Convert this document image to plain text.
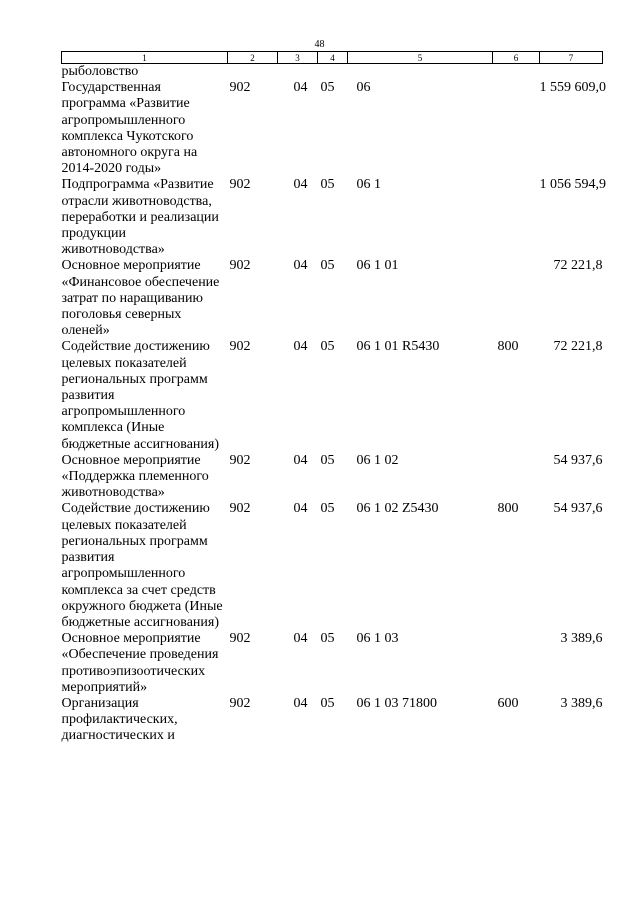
48
1	2	3	4	5	6	7
рыболовство						
Государственная программа «Развитие агропромышленного комплекса Чукотского автономного округа на 2014-2020 годы»	902	04	05	06		1 559 609,0
Подпрограмма «Развитие отрасли животноводства, переработки и реализации продукции животноводства»	902	04	05	06 1		1 056 594,9
Основное мероприятие «Финансовое обеспечение затрат по наращиванию поголовья северных оленей»	902	04	05	06 1 01		72 221,8
Содействие достижению целевых показателей региональных программ развития агропромышленного комплекса (Иные бюджетные ассигнования)	902	04	05	06 1 01 R5430	800	72 221,8
Основное мероприятие «Поддержка племенного животноводства»	902	04	05	06 1 02		54 937,6
Содействие достижению целевых показателей региональных программ развития агропромышленного комплекса за счет средств окружного бюджета (Иные бюджетные ассигнования)	902	04	05	06 1 02 Z5430	800	54 937,6
Основное мероприятие «Обеспечение проведения противоэпизоотических мероприятий»	902	04	05	06 1 03		3 389,6
Организация профилактических, диагностических и	902	04	05	06 1 03 71800	600	3 389,6
